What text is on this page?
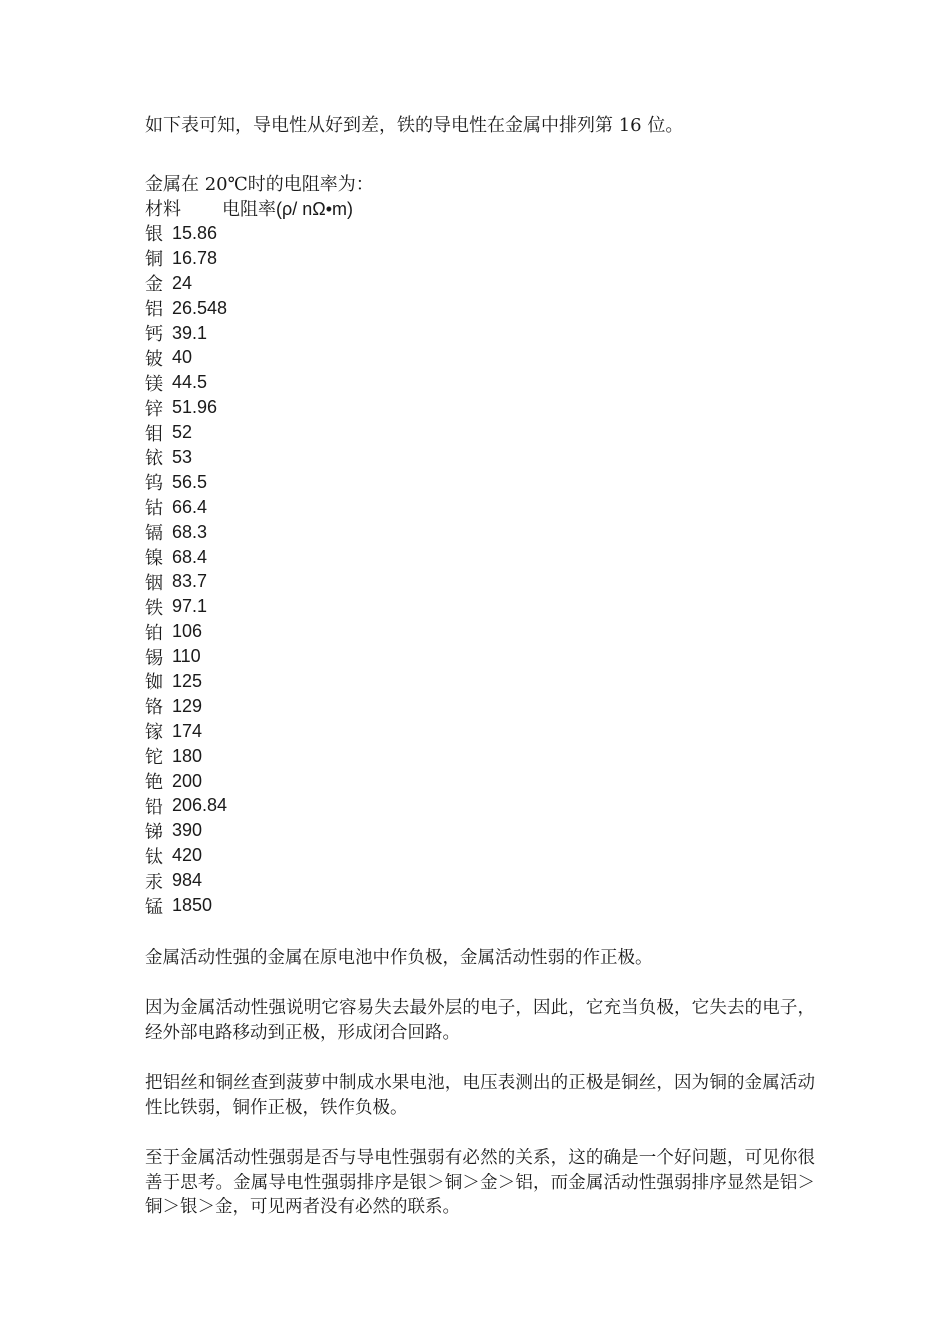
如下表可知，导电性从好到差，铁的导电性在金属中排列第 16 位。

金属在 20℃时的电阻率为：

材料	电阻率(ρ/ nΩ•m)
银 15.86
铜 16.78
金 24
铝 26.548
钙 39.1
铍 40
镁 44.5
锌 51.96
钼 52
铱 53
钨 56.5
钴 66.4
镉 68.3
镍 68.4
铟 83.7
铁 97.1
铂 106
锡 110
铷 125
铬 129
镓 174
铊 180
铯 200
铅 206.84
锑 390
钛 420
汞 984
锰 1850

金属活动性强的金属在原电池中作负极，金属活动性弱的作正极。

因为金属活动性强说明它容易失去最外层的电子，因此，它充当负极，它失去的电子，经外部电路移动到正极，形成闭合回路。

把铝丝和铜丝查到菠萝中制成水果电池，电压表测出的正极是铜丝，因为铜的金属活动性比铁弱，铜作正极，铁作负极。

至于金属活动性强弱是否与导电性强弱有必然的关系，这的确是一个好问题，可见你很善于思考。金属导电性强弱排序是银＞铜＞金＞铝，而金属活动性强弱排序显然是铝＞铜＞银＞金，可见两者没有必然的联系。
